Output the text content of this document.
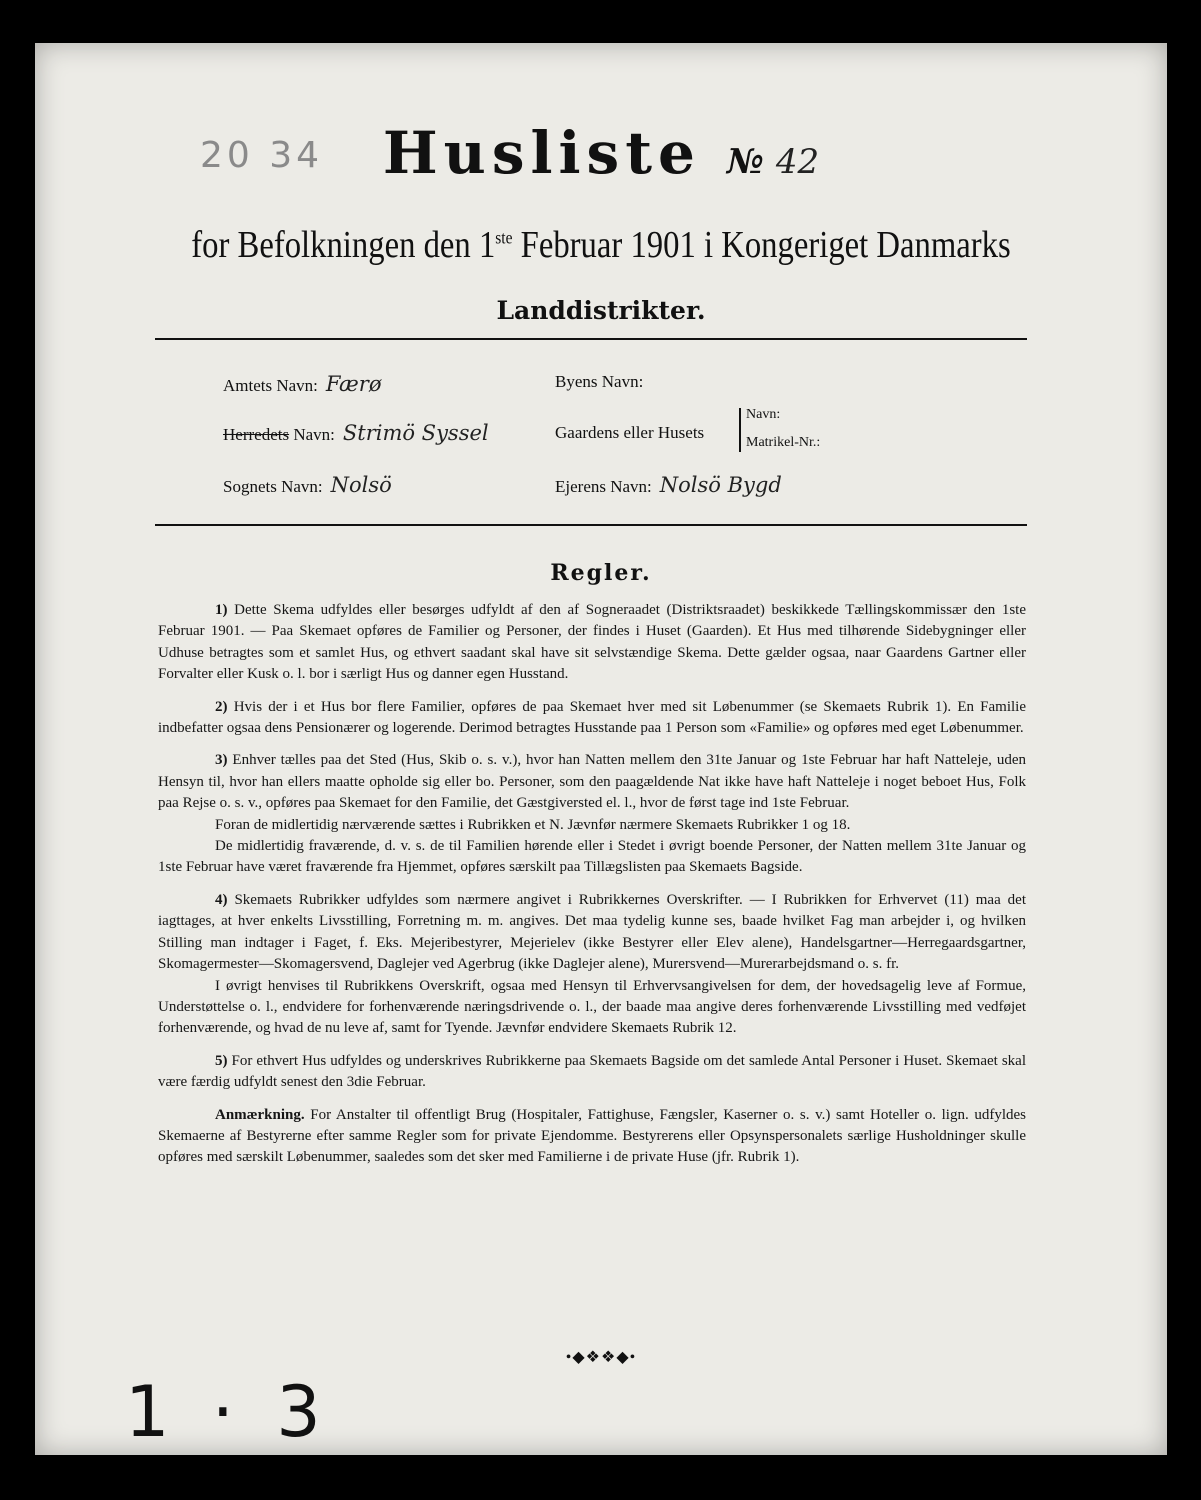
20 34	Husliste № 42
for Befolkningen den 1ste Februar 1901 i Kongeriget Danmarks
Landdistrikter.
Amtets Navn: Færø
Herredets Navn: Strimö Syssel
Sognets Navn: Nolsö
Byens Navn:
Gaardens eller Husets
Navn:
Matrikel-Nr.:
Ejerens Navn: Nolsö Bygd
Regler.

1) Dette Skema udfyldes eller besørges udfyldt af den af Sogneraadet (Distriktsraadet) beskikkede Tællingskommissær den 1ste Februar 1901. — Paa Skemaet opføres de Familier og Personer, der findes i Huset (Gaarden). Et Hus med tilhørende Sidebygninger eller Udhuse betragtes som et samlet Hus, og ethvert saadant skal have sit selvstændige Skema. Dette gælder ogsaa, naar Gaardens Gartner eller Forvalter eller Kusk o. l. bor i særligt Hus og danner egen Husstand.

2) Hvis der i et Hus bor flere Familier, opføres de paa Skemaet hver med sit Løbenummer (se Skemaets Rubrik 1). En Familie indbefatter ogsaa dens Pensionærer og logerende. Derimod betragtes Husstande paa 1 Person som «Familie» og opføres med eget Løbenummer.

3) Enhver tælles paa det Sted (Hus, Skib o. s. v.), hvor han Natten mellem den 31te Januar og 1ste Februar har haft Natteleje, uden Hensyn til, hvor han ellers maatte opholde sig eller bo. Personer, som den paagældende Nat ikke have haft Natteleje i noget beboet Hus, Folk paa Rejse o. s. v., opføres paa Skemaet for den Familie, det Gæstgiversted el. l., hvor de først tage ind 1ste Februar.

Foran de midlertidig nærværende sættes i Rubrikken et N. Jævnfør nærmere Skemaets Rubrikker 1 og 18.

De midlertidig fraværende, d. v. s. de til Familien hørende eller i Stedet i øvrigt boende Personer, der Natten mellem 31te Januar og 1ste Februar have været fraværende fra Hjemmet, opføres særskilt paa Tillægslisten paa Skemaets Bagside.

4) Skemaets Rubrikker udfyldes som nærmere angivet i Rubrikkernes Overskrifter. — I Rubrikken for Erhvervet (11) maa det iagttages, at hver enkelts Livsstilling, Forretning m. m. angives. Det maa tydelig kunne ses, baade hvilket Fag man arbejder i, og hvilken Stilling man indtager i Faget, f. Eks. Mejeribestyrer, Mejerielev (ikke Bestyrer eller Elev alene), Handelsgartner—Herregaardsgartner, Skomagermester—Skomagersvend, Daglejer ved Agerbrug (ikke Daglejer alene), Murersvend—Murerarbejdsmand o. s. fr.

I øvrigt henvises til Rubrikkens Overskrift, ogsaa med Hensyn til Erhvervsangivelsen for dem, der hovedsagelig leve af Formue, Understøttelse o. l., endvidere for forhenværende næringsdrivende o. l., der baade maa angive deres forhenværende Livsstilling med vedføjet forhenværende, og hvad de nu leve af, samt for Tyende. Jævnfør endvidere Skemaets Rubrik 12.

5) For ethvert Hus udfyldes og underskrives Rubrikkerne paa Skemaets Bagside om det samlede Antal Personer i Huset. Skemaet skal være færdig udfyldt senest den 3die Februar.

Anmærkning. For Anstalter til offentligt Brug (Hospitaler, Fattighuse, Fængsler, Kaserner o. s. v.) samt Hoteller o. lign. udfyldes Skemaerne af Bestyrerne efter samme Regler som for private Ejendomme. Bestyrerens eller Opsynspersonalets særlige Husholdninger skulle opføres med særskilt Løbenummer, saaledes som det sker med Familierne i de private Huse (jfr. Rubrik 1).

•◆❖❖◆•
1 · 3
